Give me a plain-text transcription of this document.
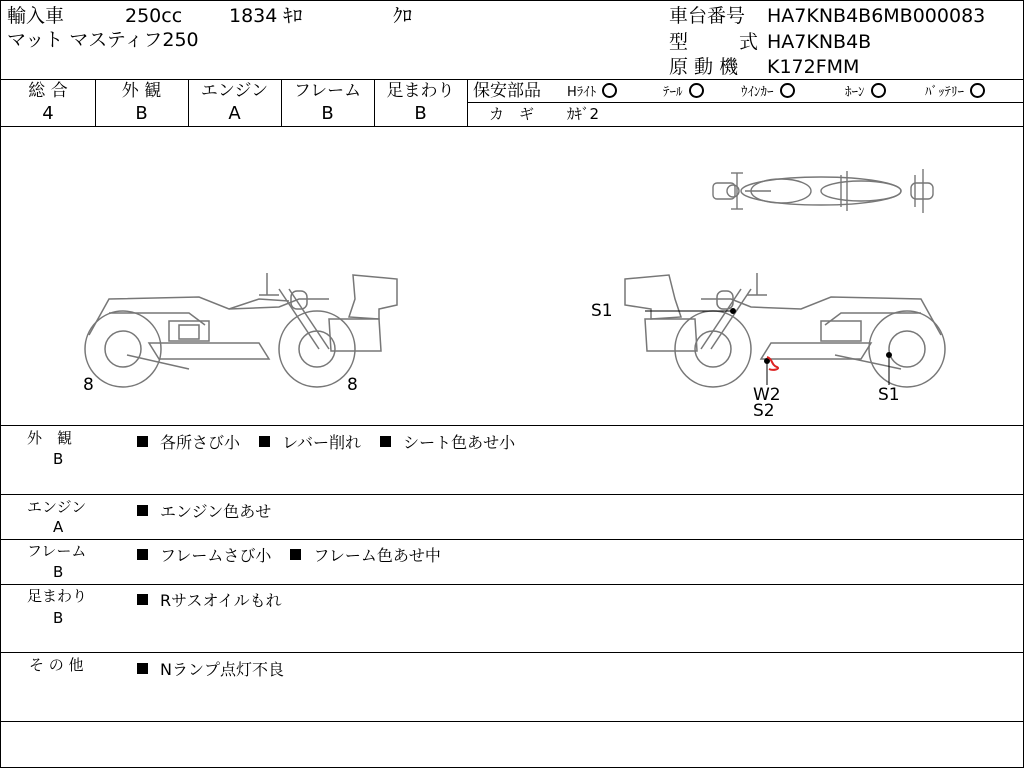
輸入車	250cc 1834 ｷﾛ	ｸﾛ
マット マスティフ250
車台番号 HA7KNB4B6MB000083
型	式 HA7KNB4B
原 動 機 K172FMM
総 合
4
外 観
B
エンジン
A
フレーム
B
足まわり
B
保安部品 Hﾗｲﾄ	ﾃｰﾙ	ｳｲﾝｶｰ	ﾎｰﾝ	ﾊﾞｯﾃﾘｰ
カ　ギ ｶｷﾞ2
8	8
S1
W2
S2
S1
外　観
B
各所さび小	レバー削れ	シート色あせ小
エンジン
A
エンジン色あせ
フレーム
B
フレームさび小	フレーム色あせ中
足まわり
B
Rサスオイルもれ
そ の 他	Nランプ点灯不良
